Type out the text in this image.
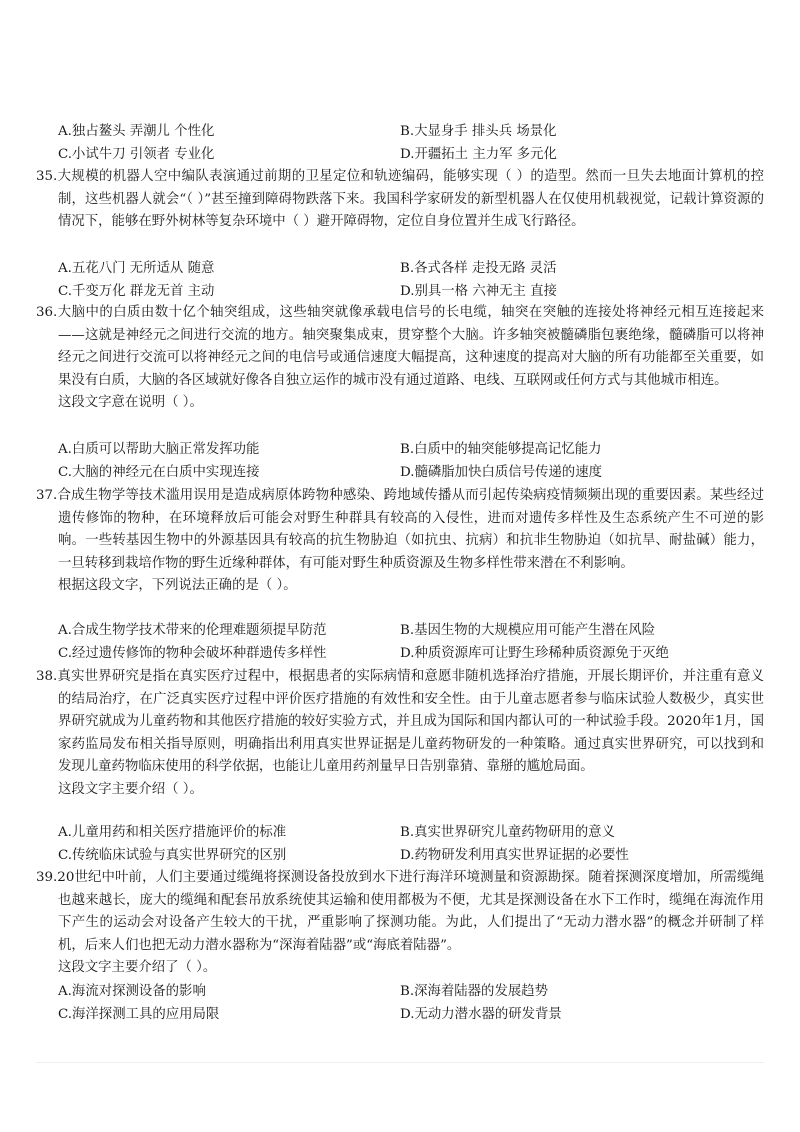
A.独占鳌头 弄潮儿 个性化	B.大显身手 排头兵 场景化
C.小试牛刀 引领者 专业化	D.开疆拓土 主力军 多元化

35.大规模的机器人空中编队表演通过前期的卫星定位和轨迹编码，能够实现（ ）的造型。然而一旦失去地面计算机的控制，这些机器人就会“（ ）”甚至撞到障碍物跌落下来。我国科学家研发的新型机器人在仅使用机载视觉，记载计算资源的情况下，能够在野外树林等复杂环境中（ ）避开障碍物，定位自身位置并生成飞行路径。

A.五花八门 无所适从 随意	B.各式各样 走投无路 灵活
C.千变万化 群龙无首 主动	D.别具一格 六神无主 直接

36.大脑中的白质由数十亿个轴突组成，这些轴突就像承载电信号的长电缆，轴突在突触的连接处将神经元相互连接起来——这就是神经元之间进行交流的地方。轴突聚集成束，贯穿整个大脑。许多轴突被髓磷脂包裹绝缘，髓磷脂可以将神经元之间进行交流可以将神经元之间的电信号或通信速度大幅提高，这种速度的提高对大脑的所有功能都至关重要，如果没有白质，大脑的各区域就好像各自独立运作的城市没有通过道路、电线、互联网或任何方式与其他城市相连。

这段文字意在说明（ ）。

A.白质可以帮助大脑正常发挥功能	B.白质中的轴突能够提高记忆能力
C.大脑的神经元在白质中实现连接	D.髓磷脂加快白质信号传递的速度

37.合成生物学等技术滥用误用是造成病原体跨物种感染、跨地域传播从而引起传染病疫情频频出现的重要因素。某些经过遗传修饰的物种，在环境释放后可能会对野生种群具有较高的入侵性，进而对遗传多样性及生态系统产生不可逆的影响。一些转基因生物中的外源基因具有较高的抗生物胁迫（如抗虫、抗病）和抗非生物胁迫（如抗旱、耐盐碱）能力，一旦转移到栽培作物的野生近缘种群体，有可能对野生种质资源及生物多样性带来潜在不利影响。

根据这段文字，下列说法正确的是（ ）。

A.合成生物学技术带来的伦理难题须提早防范	B.基因生物的大规模应用可能产生潜在风险
C.经过遗传修饰的物种会破坏种群遗传多样性	D.种质资源库可让野生珍稀种质资源免于灭绝

38.真实世界研究是指在真实医疗过程中，根据患者的实际病情和意愿非随机选择治疗措施，开展长期评价，并注重有意义的结局治疗，在广泛真实医疗过程中评价医疗措施的有效性和安全性。由于儿童志愿者参与临床试验人数极少，真实世界研究就成为儿童药物和其他医疗措施的较好实验方式，并且成为国际和国内都认可的一种试验手段。2020年1月，国家药监局发布相关指导原则，明确指出利用真实世界证据是儿童药物研发的一种策略。通过真实世界研究，可以找到和发现儿童药物临床使用的科学依据，也能让儿童用药剂量早日告别靠猜、靠掰的尴尬局面。

这段文字主要介绍（ ）。

A.儿童用药和相关医疗措施评价的标准	B.真实世界研究儿童药物研用的意义
C.传统临床试验与真实世界研究的区别	D.药物研发利用真实世界证据的必要性

39.20世纪中叶前，人们主要通过缆绳将探测设备投放到水下进行海洋环境测量和资源勘探。随着探测深度增加，所需缆绳也越来越长，庞大的缆绳和配套吊放系统使其运输和使用都极为不便，尤其是探测设备在水下工作时，缆绳在海流作用下产生的运动会对设备产生较大的干扰，严重影响了探测功能。为此，人们提出了“无动力潜水器”的概念并研制了样机，后来人们也把无动力潜水器称为“深海着陆器”或“海底着陆器”。

这段文字主要介绍了（ ）。

A.海流对探测设备的影响	B.深海着陆器的发展趋势
C.海洋探测工具的应用局限	D.无动力潜水器的研发背景
